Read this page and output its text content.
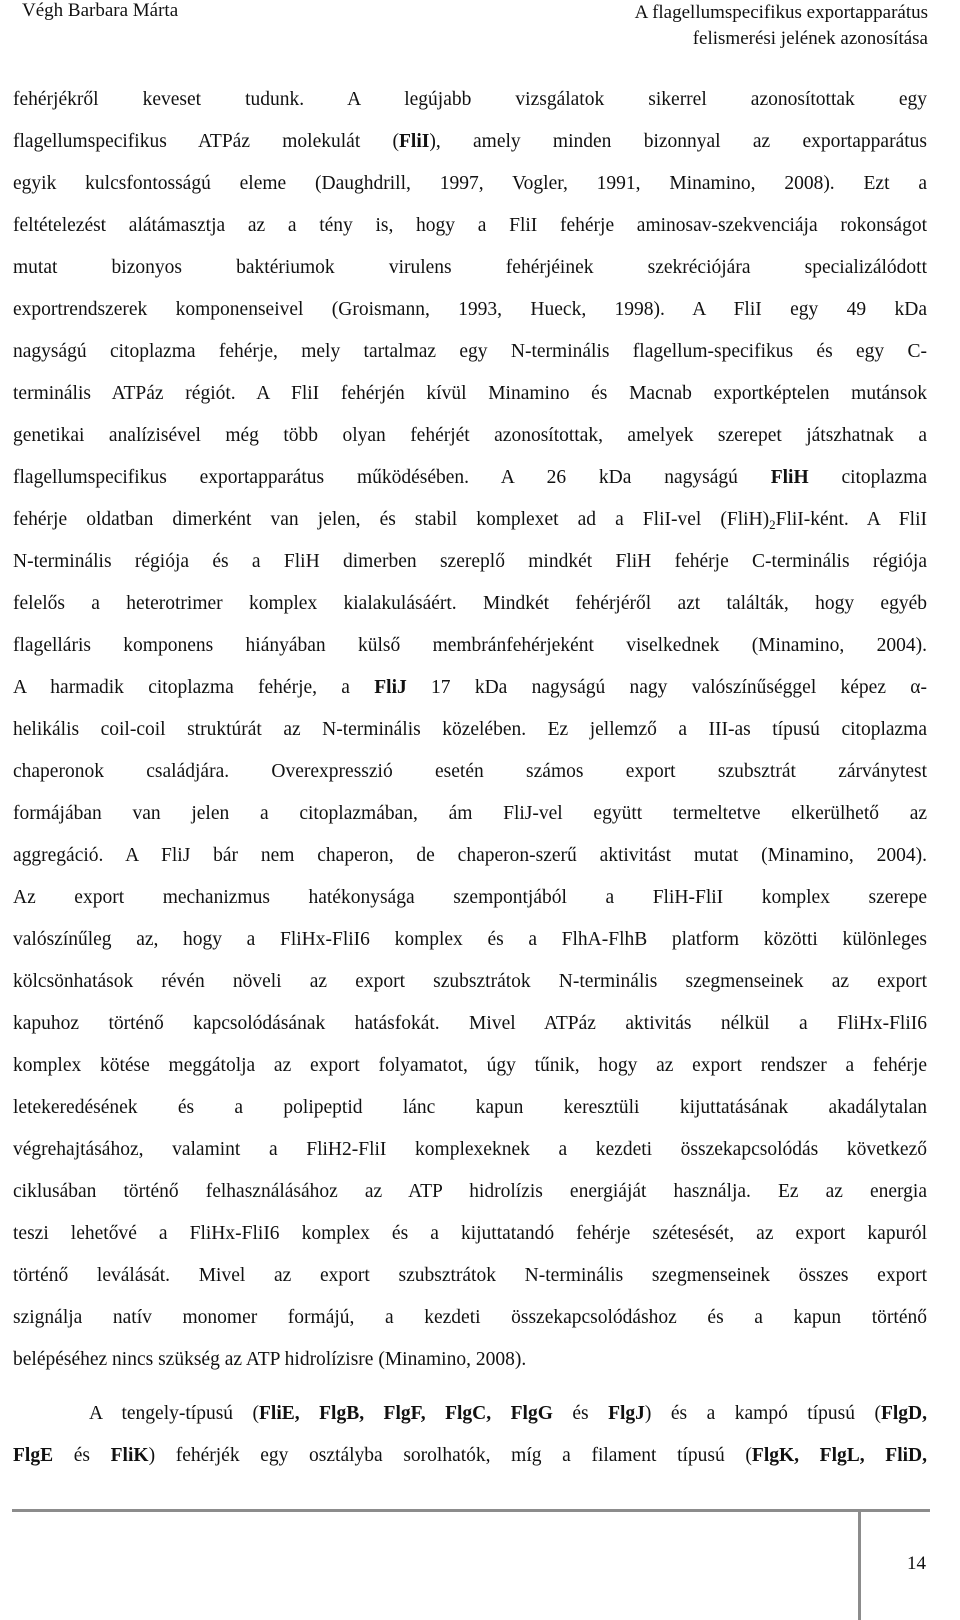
Végh Barbara Márta	A flagellumspecifikus exportapparátus
felismerési jelének azonosítása
fehérjékről keveset tudunk. A legújabb vizsgálatok sikerrel azonosítottak egy
flagellumspecifikus ATPáz molekulát (FliI), amely minden bizonnyal az exportapparátus
egyik kulcsfontosságú eleme (Daughdrill, 1997, Vogler, 1991, Minamino, 2008). Ezt a
feltételezést alátámasztja az a tény is, hogy a FliI fehérje aminosav-szekvenciája rokonságot
mutat bizonyos baktériumok virulens fehérjéinek szekréciójára specializálódott
exportrendszerek komponenseivel (Groismann, 1993, Hueck, 1998). A FliI egy 49 kDa
nagyságú citoplazma fehérje, mely tartalmaz egy N-terminális flagellum-specifikus és egy C-
terminális ATPáz régiót. A FliI fehérjén kívül Minamino és Macnab exportképtelen mutánsok
genetikai analízisével még több olyan fehérjét azonosítottak, amelyek szerepet játszhatnak a
flagellumspecifikus exportapparátus működésében. A 26 kDa nagyságú FliH citoplazma
fehérje oldatban dimerként van jelen, és stabil komplexet ad a FliI-vel $(FliH)_2FliI$-ként. A FliI
N-terminális régiója és a FliH dimerben szereplő mindkét FliH fehérje C-terminális régiója
felelős a heterotrimer komplex kialakulásáért. Mindkét fehérjéről azt találták, hogy egyéb
flagelláris komponens hiányában külső membránfehérjeként viselkednek (Minamino, 2004).
A harmadik citoplazma fehérje, a FliJ 17 kDa nagyságú nagy valószínűséggel képez α-
helikális coil-coil struktúrát az N-terminális közelében. Ez jellemző a III-as típusú citoplazma
chaperonok családjára. Overexpresszió esetén számos export szubsztrát zárványtest
formájában van jelen a citoplazmában, ám FliJ-vel együtt termeltetve elkerülhető az
aggregáció. A FliJ bár nem chaperon, de chaperon-szerű aktivitást mutat (Minamino, 2004).
Az export mechanizmus hatékonysága szempontjából a FliH-FliI komplex szerepe
valószínűleg az, hogy a FliHx-FliI6 komplex és a FlhA-FlhB platform közötti különleges
kölcsönhatások révén növeli az export szubsztrátok N-terminális szegmenseinek az export
kapuhoz történő kapcsolódásának hatásfokát. Mivel ATPáz aktivitás nélkül a FliHx-FliI6
komplex kötése meggátolja az export folyamatot, úgy tűnik, hogy az export rendszer a fehérje
letekeredésének és a polipeptid lánc kapun keresztüli kijuttatásának akadálytalan
végrehajtásához, valamint a FliH2-FliI komplexeknek a kezdeti összekapcsolódás következő
ciklusában történő felhasználásához az ATP hidrolízis energiáját használja. Ez az energia
teszi lehetővé a FliHx-FliI6 komplex és a kijuttatandó fehérje szétesését, az export kapuról
történő leválását. Mivel az export szubsztrátok N-terminális szegmenseinek összes export
szignálja natív monomer formájú, a kezdeti összekapcsolódáshoz és a kapun történő
belépéséhez nincs szükség az ATP hidrolízisre (Minamino, 2008).
A tengely-típusú (FliE, FlgB, FlgF, FlgC, FlgG és FlgJ) és a kampó típusú (FlgD,
FlgE és FliK) fehérjék egy osztályba sorolhatók, míg a filament típusú (FlgK, FlgL, FliD,
14
